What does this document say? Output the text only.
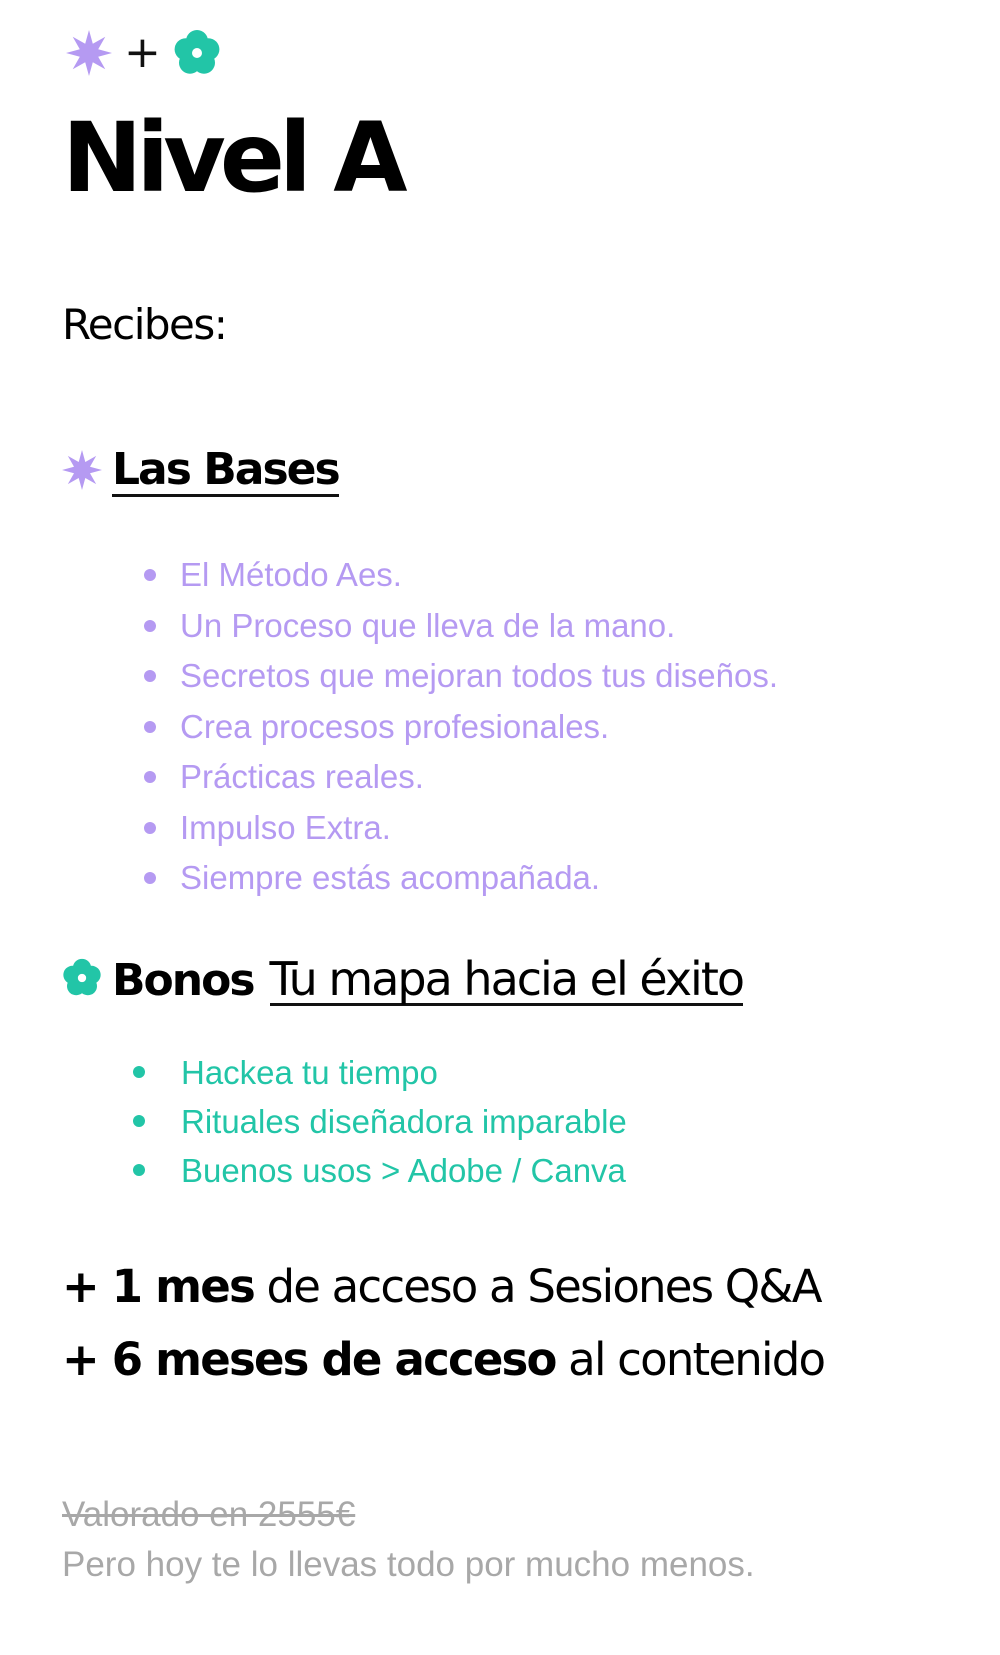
+
Nivel A
Recibes:
Las Bases
El Método Aes.
Un Proceso que lleva de la mano.
Secretos que mejoran todos tus diseños.
Crea procesos profesionales.
Prácticas reales.
Impulso Extra.
Siempre estás acompañada.
Bonos Tu mapa hacia el éxito
Hackea tu tiempo
Rituales diseñadora imparable
Buenos usos > Adobe / Canva
+ 1 mes de acceso a Sesiones Q&A
+ 6 meses de acceso al contenido
Valorado en 2555€
Pero hoy te lo llevas todo por mucho menos.
